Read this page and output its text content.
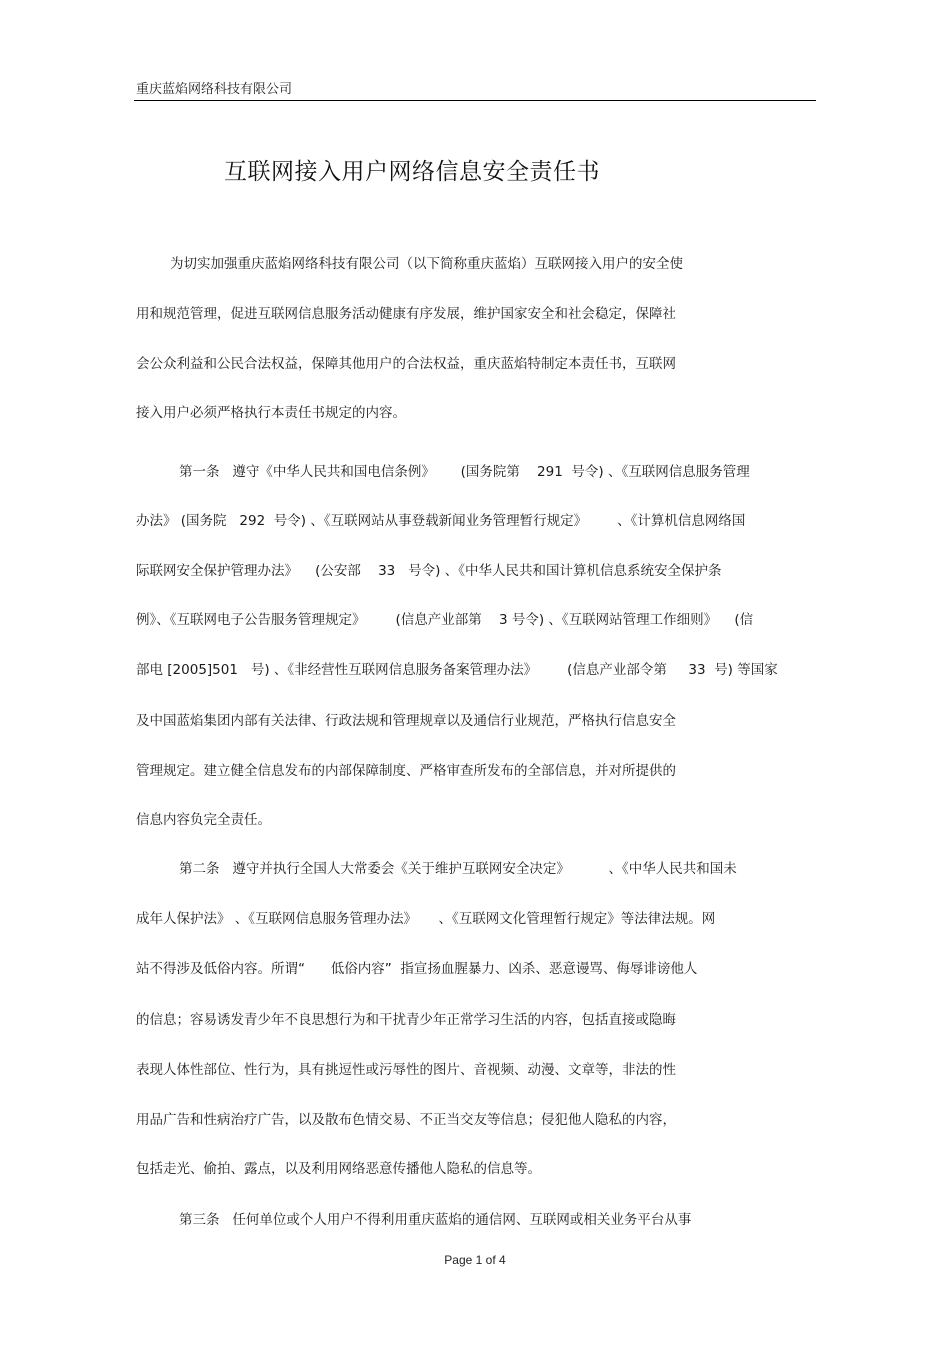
重庆蓝焰网络科技有限公司
互联网接入用户网络信息安全责任书
为切实加强重庆蓝焰网络科技有限公司（以下简称重庆蓝焰）互联网接入用户的安全使
用和规范管理，促进互联网信息服务活动健康有序发展，维护国家安全和社会稳定，保障社
会公众利益和公民合法权益，保障其他用户的合法权益，重庆蓝焰特制定本责任书，互联网
接入用户必须严格执行本责任书规定的内容。
第一条   遵守《中华人民共和国电信条例》      (国务院第    291  号令) 、《互联网信息服务管理
办法》 (国务院   292  号令) 、《互联网站从事登载新闻业务管理暂行规定》       、《计算机信息网络国
际联网安全保护管理办法》    (公安部    33   号令) 、《中华人民共和国计算机信息系统安全保护条
例》、《互联网电子公告服务管理规定》       (信息产业部第    3 号令) 、《互联网站管理工作细则》    (信
部电 [2005]501   号) 、《非经营性互联网信息服务备案管理办法》       (信息产业部令第     33  号) 等国家
及中国蓝焰集团内部有关法律、行政法规和管理规章以及通信行业规范，严格执行信息安全
管理规定。建立健全信息发布的内部保障制度、严格审查所发布的全部信息，并对所提供的
信息内容负完全责任。
第二条   遵守并执行全国人大常委会《关于维护互联网安全决定》         、《中华人民共和国未
成年人保护法》 、《互联网信息服务管理办法》     、《互联网文化管理暂行规定》等法律法规。网
站不得涉及低俗内容。所谓“      低俗内容”  指宣扬血腥暴力、凶杀、恶意谩骂、侮辱诽谤他人
的信息；容易诱发青少年不良思想行为和干扰青少年正常学习生活的内容，包括直接或隐晦
表现人体性部位、性行为，具有挑逗性或污辱性的图片、音视频、动漫、文章等，非法的性
用品广告和性病治疗广告，以及散布色情交易、不正当交友等信息；侵犯他人隐私的内容，
包括走光、偷拍、露点，以及利用网络恶意传播他人隐私的信息等。
第三条   任何单位或个人用户不得利用重庆蓝焰的通信网、互联网或相关业务平台从事
Page 1 of 4
